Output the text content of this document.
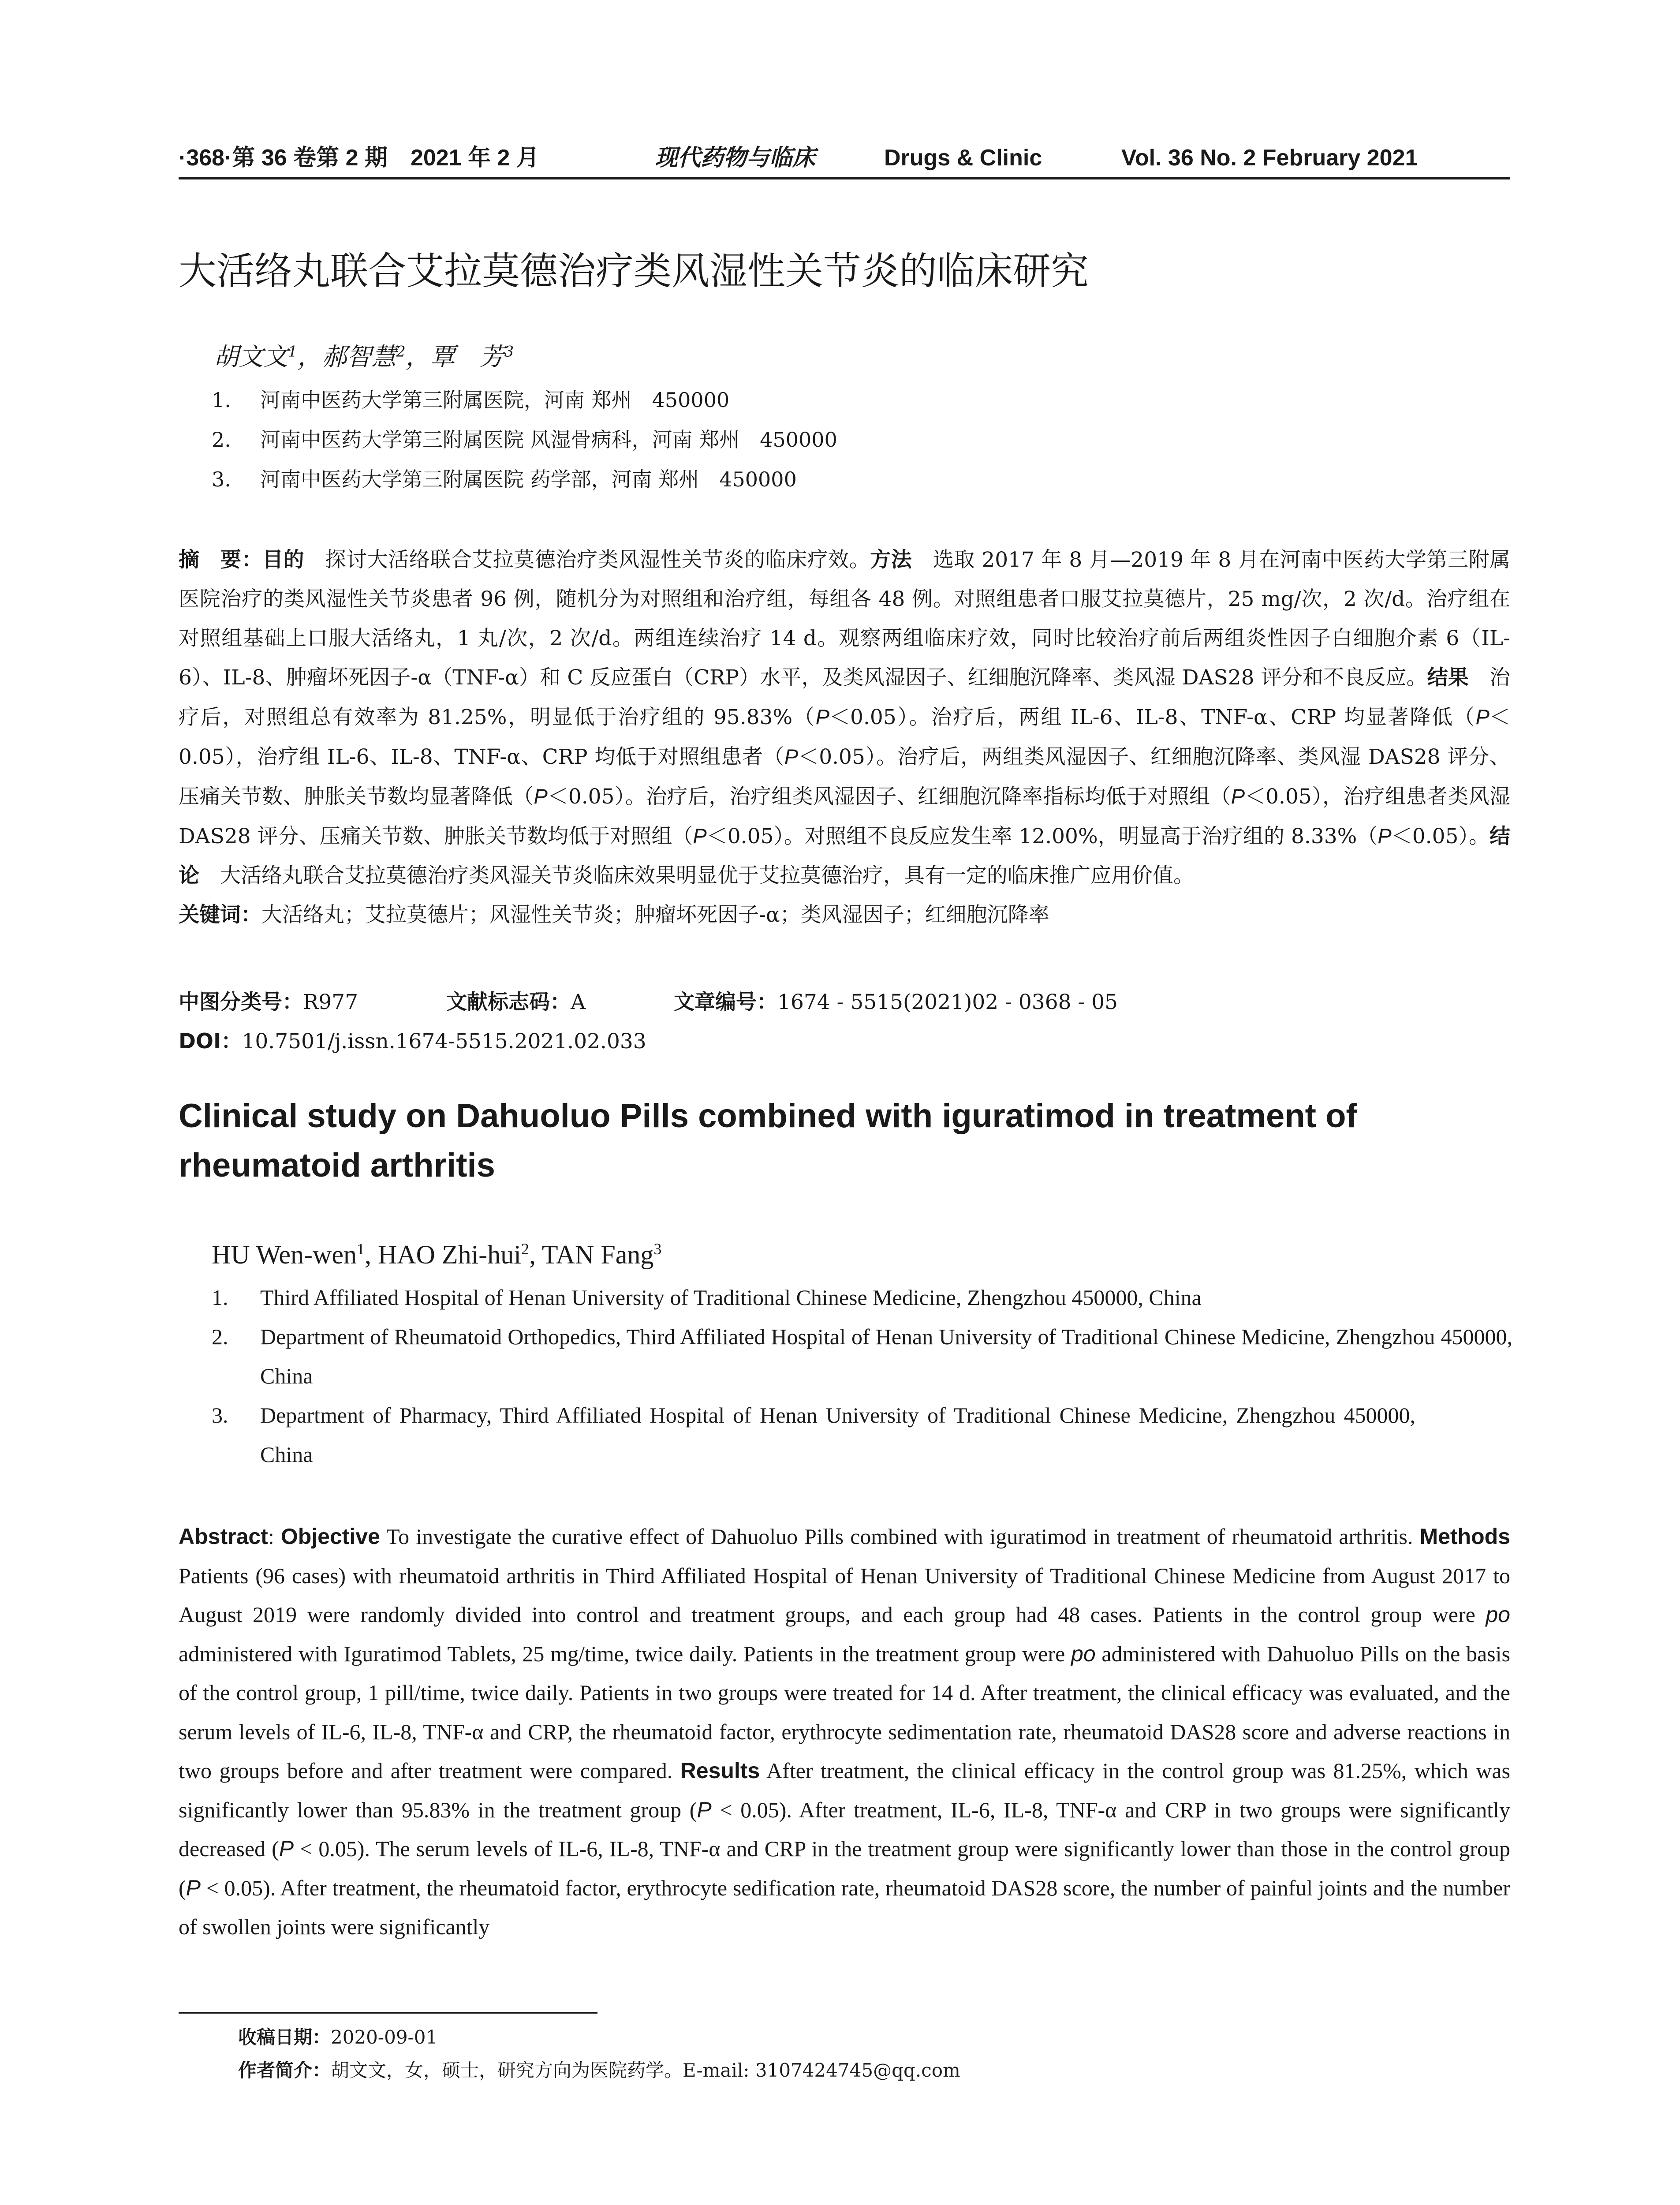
·368·第 36 卷第 2 期　2021 年 2 月	现代药物与临床	Drugs & Clinic	Vol. 36 No. 2 February 2021
大活络丸联合艾拉莫德治疗类风湿性关节炎的临床研究
胡文文$^1$，郝智慧$^2$，覃　芳$^3$
1. 河南中医药大学第三附属医院，河南 郑州　450000
2. 河南中医药大学第三附属医院 风湿骨病科，河南 郑州　450000
3. 河南中医药大学第三附属医院 药学部，河南 郑州　450000
摘　要：目的　探讨大活络联合艾拉莫德治疗类风湿性关节炎的临床疗效。方法　选取 2017 年 8 月—2019 年 8 月在河南中医药大学第三附属医院治疗的类风湿性关节炎患者 96 例，随机分为对照组和治疗组，每组各 48 例。对照组患者口服艾拉莫德片，25 mg/次，2 次/d。治疗组在对照组基础上口服大活络丸，1 丸/次，2 次/d。两组连续治疗 14 d。观察两组临床疗效，同时比较治疗前后两组炎性因子白细胞介素 6（IL-6）、IL-8、肿瘤坏死因子-α（TNF-α）和 C 反应蛋白（CRP）水平，及类风湿因子、红细胞沉降率、类风湿 DAS28 评分和不良反应。结果　治疗后，对照组总有效率为 81.25%，明显低于治疗组的 95.83%（P＜0.05）。治疗后，两组 IL-6、IL-8、TNF-α、CRP 均显著降低（P＜0.05），治疗组 IL-6、IL-8、TNF-α、CRP 均低于对照组患者（P＜0.05）。治疗后，两组类风湿因子、红细胞沉降率、类风湿 DAS28 评分、压痛关节数、肿胀关节数均显著降低（P＜0.05）。治疗后，治疗组类风湿因子、红细胞沉降率指标均低于对照组（P＜0.05），治疗组患者类风湿 DAS28 评分、压痛关节数、肿胀关节数均低于对照组（P＜0.05）。对照组不良反应发生率 12.00%，明显高于治疗组的 8.33%（P＜0.05）。结论　大活络丸联合艾拉莫德治疗类风湿关节炎临床效果明显优于艾拉莫德治疗，具有一定的临床推广应用价值。
关键词：大活络丸；艾拉莫德片；风湿性关节炎；肿瘤坏死因子-α；类风湿因子；红细胞沉降率
中图分类号：R977	文献标志码：A	文章编号：1674 - 5515(2021)02 - 0368 - 05
DOI：10.7501/j.issn.1674-5515.2021.02.033
Clinical study on Dahuoluo Pills combined with iguratimod in treatment of rheumatoid arthritis
HU Wen-wen$^1$, HAO Zhi-hui$^2$, TAN Fang$^3$
1. Third Affiliated Hospital of Henan University of Traditional Chinese Medicine, Zhengzhou 450000, China
2. Department of Rheumatoid Orthopedics, Third Affiliated Hospital of Henan University of Traditional Chinese Medicine, Zhengzhou 450000, China
3. Department of Pharmacy, Third Affiliated Hospital of Henan University of Traditional Chinese Medicine, Zhengzhou 450000, China
Abstract: Objective To investigate the curative effect of Dahuoluo Pills combined with iguratimod in treatment of rheumatoid arthritis. Methods Patients (96 cases) with rheumatoid arthritis in Third Affiliated Hospital of Henan University of Traditional Chinese Medicine from August 2017 to August 2019 were randomly divided into control and treatment groups, and each group had 48 cases. Patients in the control group were po administered with Iguratimod Tablets, 25 mg/time, twice daily. Patients in the treatment group were po administered with Dahuoluo Pills on the basis of the control group, 1 pill/time, twice daily. Patients in two groups were treated for 14 d. After treatment, the clinical efficacy was evaluated, and the serum levels of IL-6, IL-8, TNF-α and CRP, the rheumatoid factor, erythrocyte sedimentation rate, rheumatoid DAS28 score and adverse reactions in two groups before and after treatment were compared. Results After treatment, the clinical efficacy in the control group was 81.25%, which was significantly lower than 95.83% in the treatment group (P < 0.05). After treatment, IL-6, IL-8, TNF-α and CRP in two groups were significantly decreased (P < 0.05). The serum levels of IL-6, IL-8, TNF-α and CRP in the treatment group were significantly lower than those in the control group (P < 0.05). After treatment, the rheumatoid factor, erythrocyte sedification rate, rheumatoid DAS28 score, the number of painful joints and the number of swollen joints were significantly
收稿日期：2020-09-01
作者简介：胡文文，女，硕士，研究方向为医院药学。E-mail: 3107424745@qq.com
